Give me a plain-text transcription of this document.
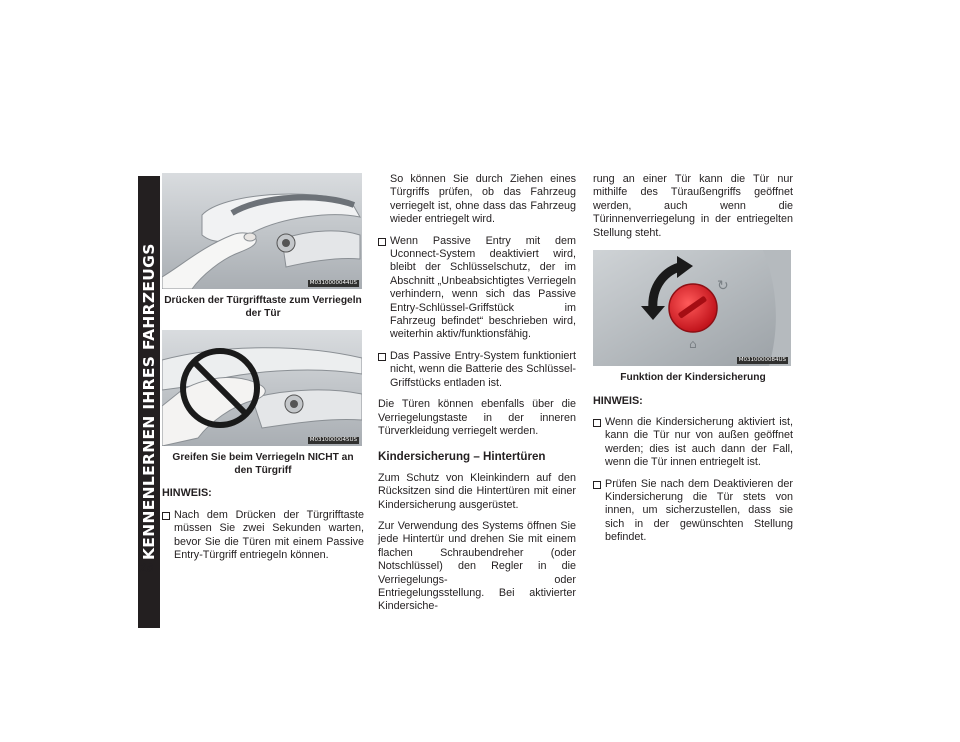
KENNENLERNEN IHRES FAHRZEUGS
26
M0310000044US
Drücken der Türgrifftaste zum Verriegeln der Tür
M0310000045US
Greifen Sie beim Verriegeln NICHT an den Türgriff
HINWEIS:
Nach dem Drücken der Türgrifftaste müssen Sie zwei Sekunden warten, bevor Sie die Türen mit einem Passive Entry-Türgriff entriegeln können.
So können Sie durch Ziehen eines Türgriffs prüfen, ob das Fahrzeug verriegelt ist, ohne dass das Fahrzeug wieder entriegelt wird.
Wenn Passive Entry mit dem Uconnect-System deaktiviert wird, bleibt der Schlüsselschutz, der im Abschnitt „Unbeabsichtigtes Verriegeln verhindern, wenn sich das Passive Entry-Schlüssel-Griffstück im Fahrzeug befindet“ beschrieben wird, weiterhin aktiv/funktionsfähig.
Das Passive Entry-System funktioniert nicht, wenn die Batterie des Schlüssel-Griffstücks entladen ist.
Die Türen können ebenfalls über die Verriegelungstaste in der inneren Türverkleidung verriegelt werden.
Kindersicherung – Hintertüren
Zum Schutz von Kleinkindern auf den Rücksitzen sind die Hintertüren mit einer Kindersicherung ausgerüstet.
Zur Verwendung des Systems öffnen Sie jede Hintertür und drehen Sie mit einem flachen Schraubendreher (oder Notschlüssel) den Regler in die Verriegelungs- oder Entriegelungsstellung. Bei aktivierter Kindersiche-
rung an einer Tür kann die Tür nur mithilfe des Türaußengriffs geöffnet werden, auch wenn die Türinnenverriegelung in der entriegelten Stellung steht.
↻
⌂
M0310000084US
Funktion der Kindersicherung
HINWEIS:
Wenn die Kindersicherung aktiviert ist, kann die Tür nur von außen geöffnet werden; dies ist auch dann der Fall, wenn die Tür innen entriegelt ist.
Prüfen Sie nach dem Deaktivieren der Kindersicherung die Tür stets von innen, um sicherzustellen, dass sie sich in der gewünschten Stellung befindet.
